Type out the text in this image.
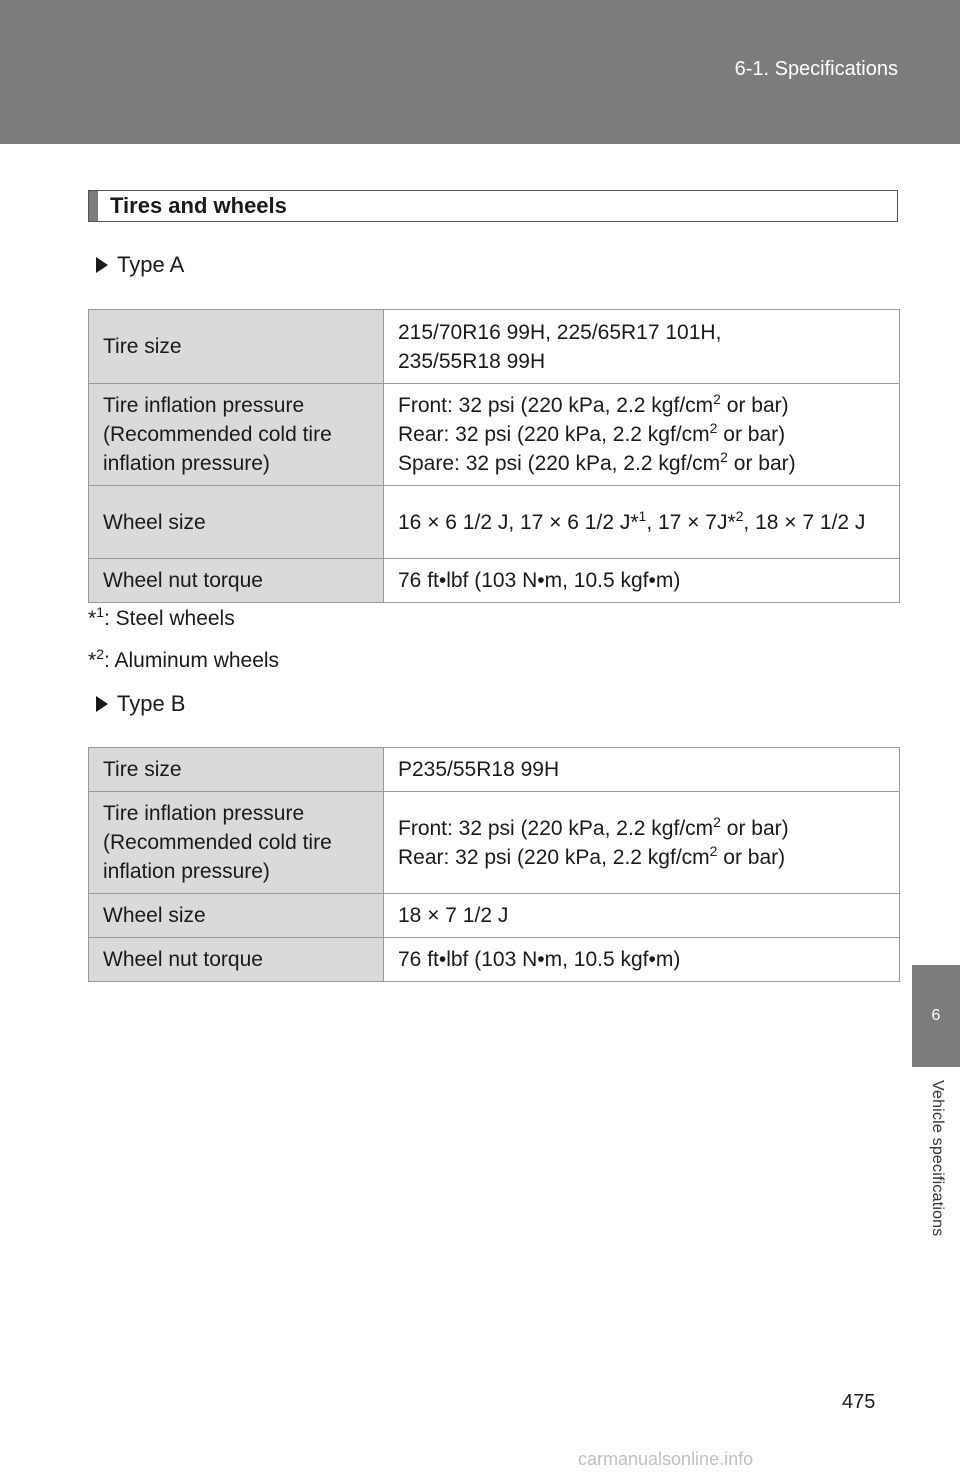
6-1. Specifications
6
Vehicle specifications
Tires and wheels
Type A
Tire size	215/70R16 99H, 225/65R17 101H,
235/55R18 99H
Tire inflation pressure (Recommended cold tire inflation pressure)	Front: 32 psi (220 kPa, 2.2 kgf/$cm^2$ or bar)
Rear: 32 psi (220 kPa, 2.2 kgf/$cm^2$ or bar)
Spare: 32 psi (220 kPa, 2.2 kgf/$cm^2$ or bar)
Wheel size	16 × 6 1/2 J, 17 × 6 1/2 J*$^1$, 17 × 7J*$^2$, 18 × 7 1/2 J
Wheel nut torque	76 ft•lbf (103 N•m, 10.5 kgf•m)
*$^1$: Steel wheels
*$^2$: Aluminum wheels
Type B
Tire size	P235/55R18 99H
Tire inflation pressure (Recommended cold tire inflation pressure)	Front: 32 psi (220 kPa, 2.2 kgf/$cm^2$ or bar)
Rear: 32 psi (220 kPa, 2.2 kgf/$cm^2$ or bar)
Wheel size	18 × 7 1/2 J
Wheel nut torque	76 ft•lbf (103 N•m, 10.5 kgf•m)
475
carmanualsonline.info
